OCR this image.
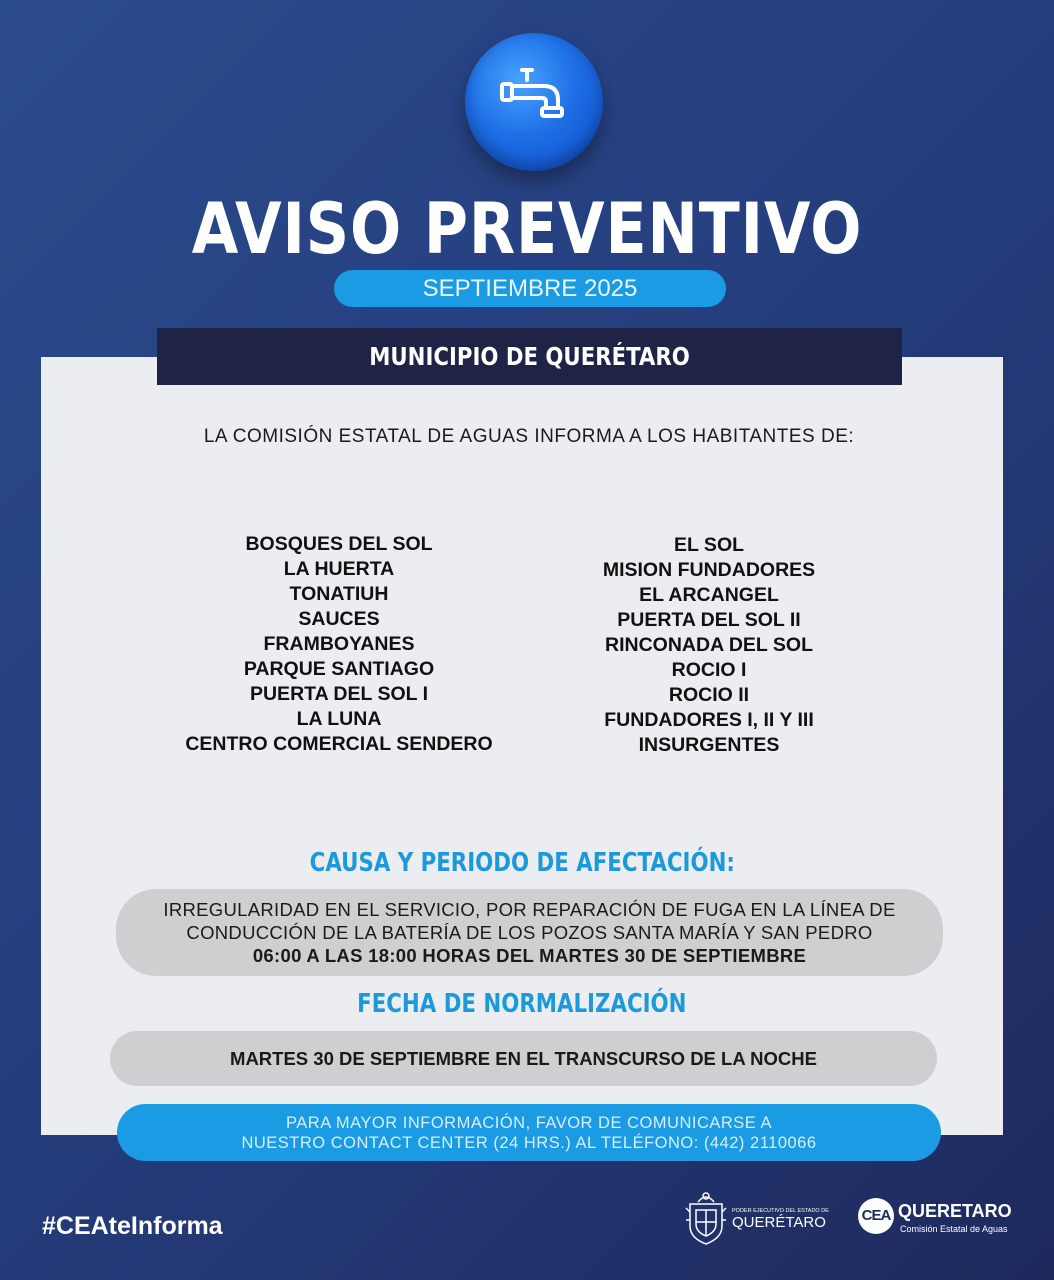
AVISO PREVENTIVO
SEPTIEMBRE 2025
MUNICIPIO DE QUERÉTARO
LA COMISIÓN ESTATAL DE AGUAS INFORMA A LOS HABITANTES DE:
BOSQUES DEL SOL
LA HUERTA
TONATIUH
SAUCES
FRAMBOYANES
PARQUE SANTIAGO
PUERTA DEL SOL I
LA LUNA
CENTRO COMERCIAL SENDERO
EL SOL
MISION FUNDADORES
EL ARCANGEL
PUERTA DEL SOL II
RINCONADA DEL SOL
ROCIO I
ROCIO II
FUNDADORES I, II Y III
INSURGENTES
CAUSA Y PERIODO DE AFECTACIÓN:
IRREGULARIDAD EN EL SERVICIO, POR REPARACIÓN DE FUGA EN LA LÍNEA DE
CONDUCCIÓN DE LA BATERÍA DE LOS POZOS SANTA MARÍA Y SAN PEDRO
06:00 A LAS 18:00 HORAS DEL MARTES 30 DE SEPTIEMBRE
FECHA DE NORMALIZACIÓN
MARTES 30 DE SEPTIEMBRE EN EL TRANSCURSO DE LA NOCHE
PARA MAYOR INFORMACIÓN, FAVOR DE COMUNICARSE A
NUESTRO CONTACT CENTER (24 HRS.) AL TELÉFONO: (442) 2110066
#CEAteInforma
PODER EJECUTIVO DEL ESTADO DE
QUERÉTARO CEA QUERETARO
Comisión Estatal de Aguas
